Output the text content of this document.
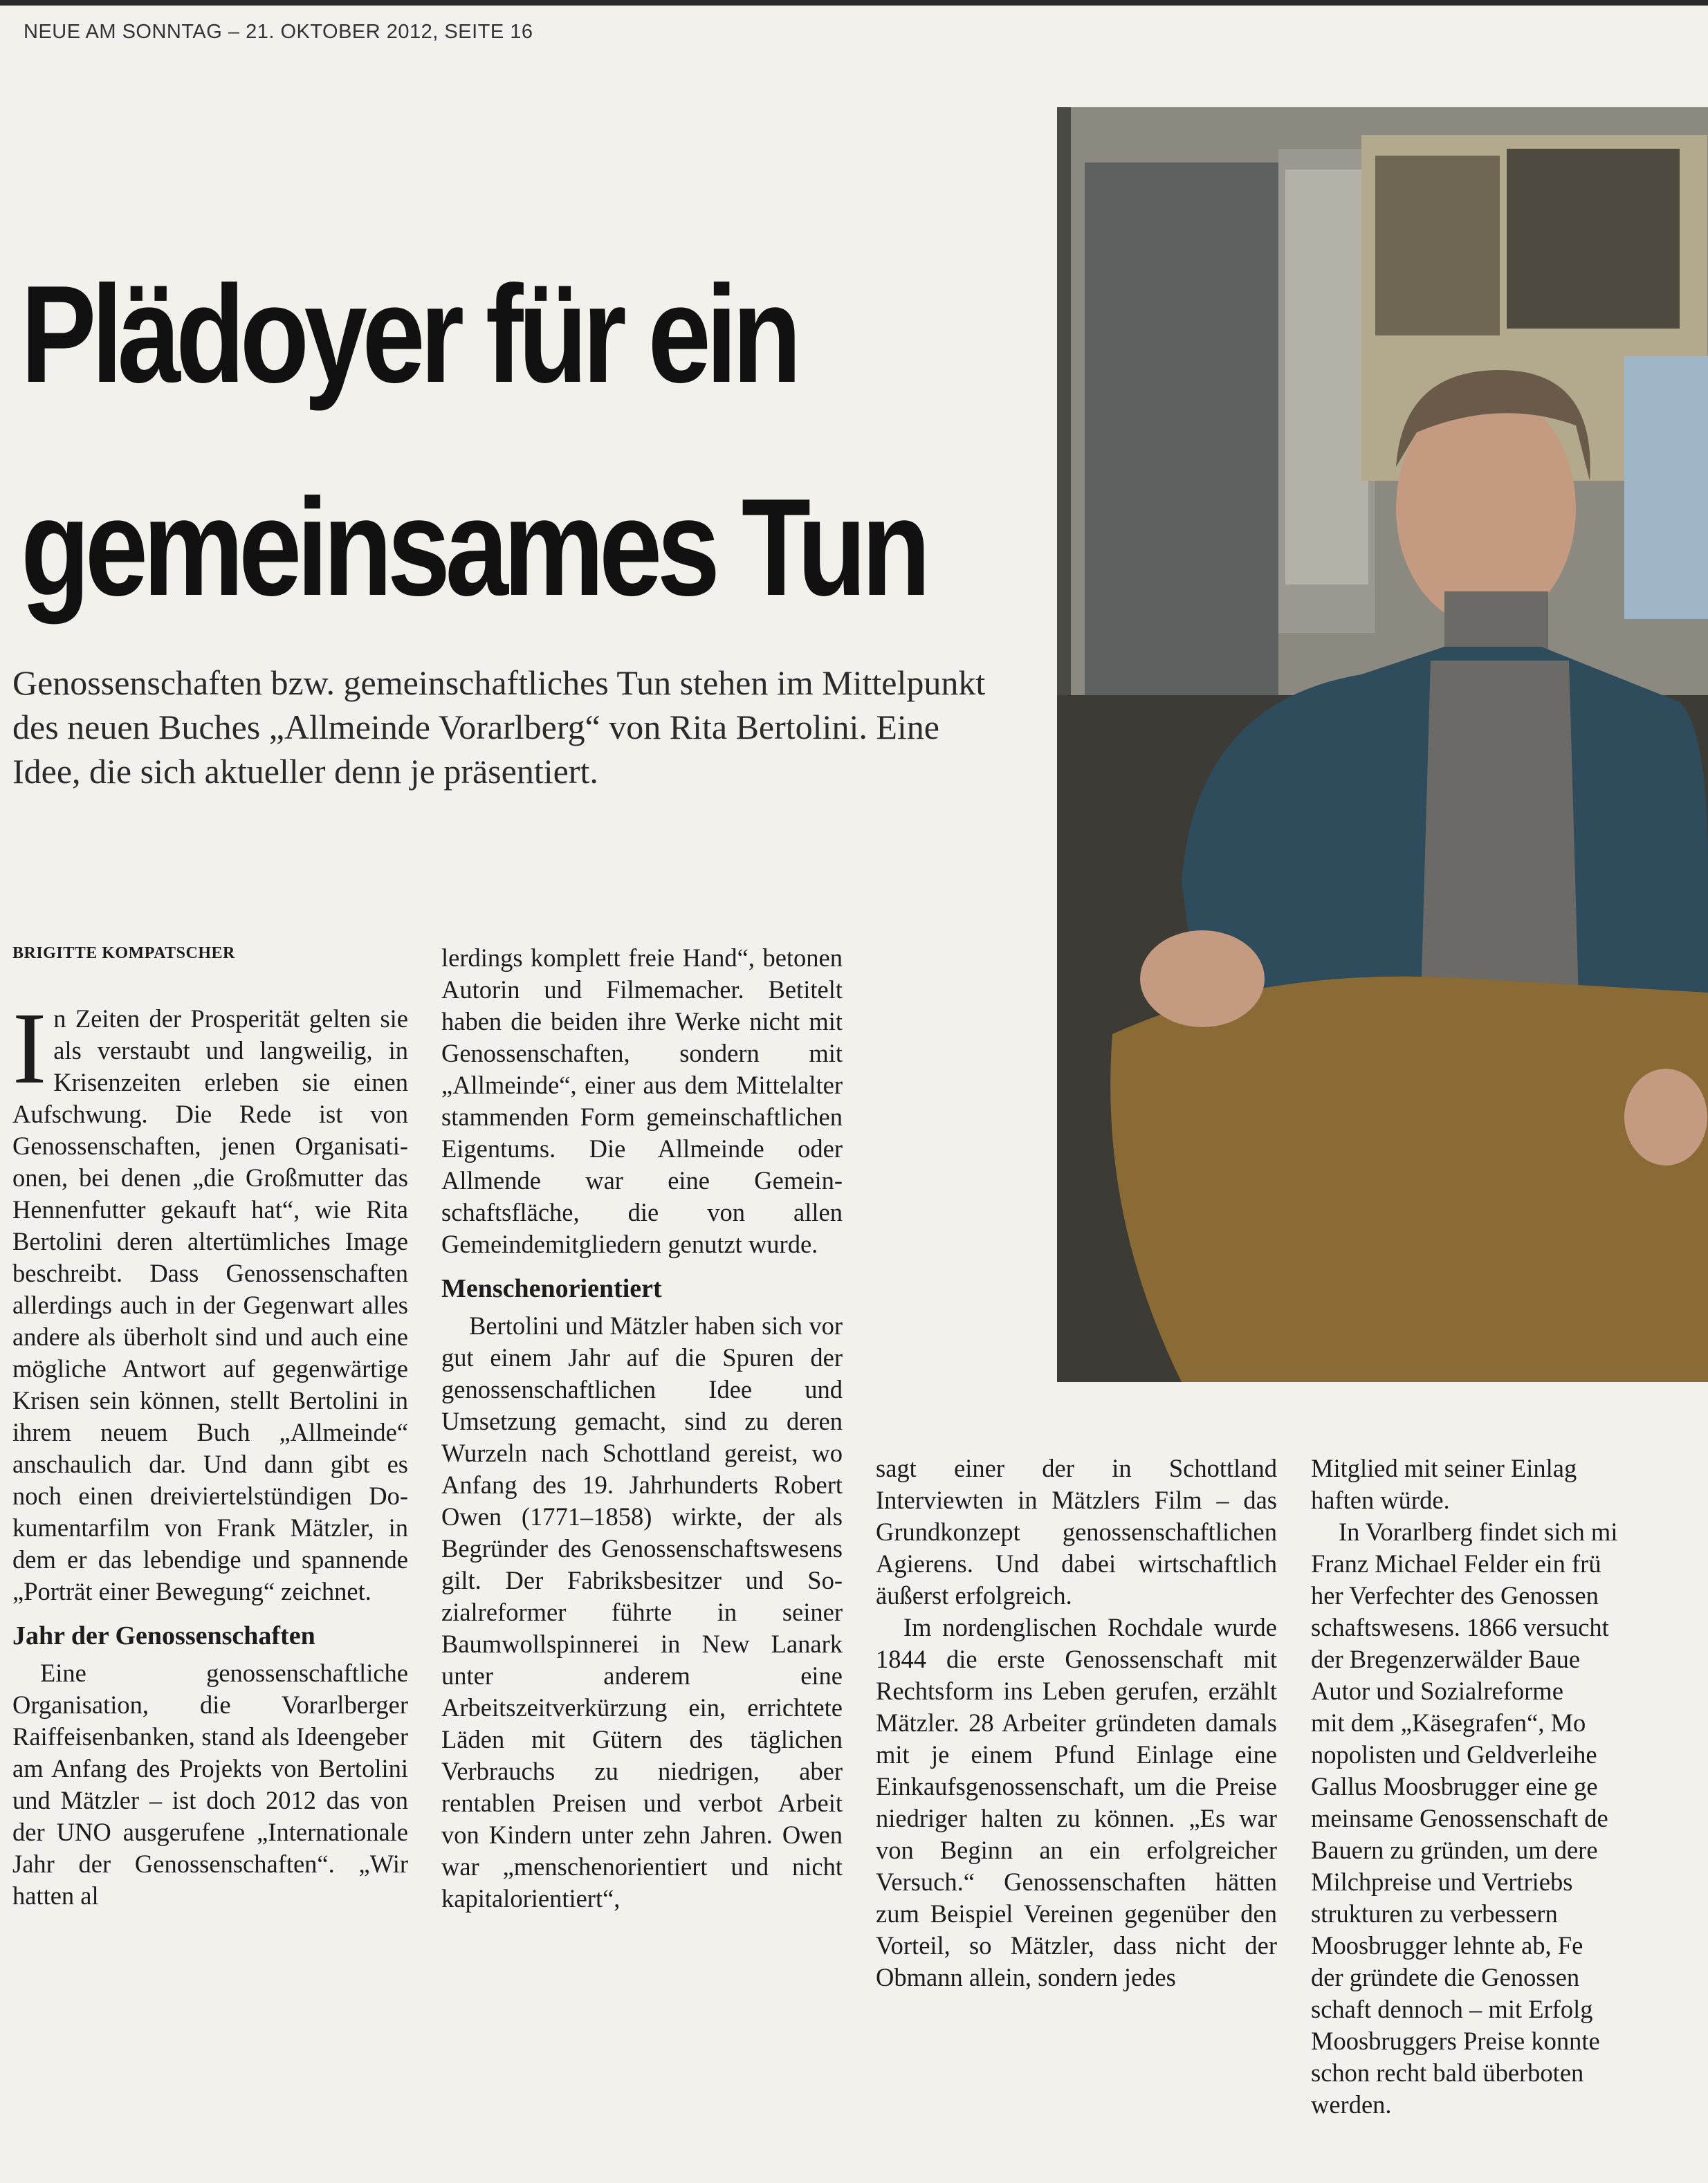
NEUE AM SONNTAG – 21. OKTOBER 2012, SEITE 16
Plädoyer für ein
gemeinsames Tun
Genossenschaften bzw. gemeinschaftliches Tun stehen im Mittelpunkt des neuen Buches „Allmeinde Vorarlberg“ von Rita Bertolini. Eine Idee, die sich aktueller denn je präsentiert.
BRIGITTE KOMPATSCHER
I n Zeiten der Prosperität gelten sie als verstaubt und langweilig, in Krisenzeiten erleben sie einen Aufschwung. Die Rede ist von Genossenschaften, jenen Organisationen, bei denen „die Großmutter das Hennenfutter gekauft hat“, wie Rita Bertolini deren altertümliches Image beschreibt. Dass Genossenschaften allerdings auch in der Gegenwart alles andere als überholt sind und auch eine mögliche Antwort auf gegenwärtige Krisen sein können, stellt Bertolini in ihrem neuem Buch „Allmeinde“ anschaulich dar. Und dann gibt es noch einen dreiviertelstündigen Dokumentarfilm von Frank Mätzler, in dem er das lebendige und spannende „Porträt einer Bewegung“ zeichnet.

Jahr der Genossenschaften

Eine genossenschaftliche Organisation, die Vorarlberger Raiffeisenbanken, stand als Ideengeber am Anfang des Projekts von Bertolini und Mätzler – ist doch 2012 das von der UNO ausgerufene „Internationale Jahr der Genossenschaften“. „Wir hatten al

lerdings komplett freie Hand“, betonen Autorin und Filmemacher. Betitelt haben die beiden ihre Werke nicht mit Genossenschaften, sondern mit „Allmeinde“, einer aus dem Mittelalter stammenden Form gemeinschaftlichen Eigentums. Die Allmeinde oder Allmende war eine Gemeinschaftsfläche, die von allen Gemeindemitgliedern genutzt wurde.

Menschenorientiert

Bertolini und Mätzler haben sich vor gut einem Jahr auf die Spuren der genossenschaftlichen Idee und Umsetzung gemacht, sind zu deren Wurzeln nach Schottland gereist, wo Anfang des 19. Jahrhunderts Robert Owen (1771–1858) wirkte, der als Begründer des Genossenschaftswesens gilt. Der Fabriksbesitzer und Sozialreformer führte in seiner Baumwollspinnerei in New Lanark unter anderem eine Arbeitszeitverkürzung ein, errichtete Läden mit Gütern des täglichen Verbrauchs zu niedrigen, aber rentablen Preisen und verbot Arbeit von Kindern unter zehn Jahren. Owen war „menschenorientiert und nicht kapitalorientiert“,

sagt einer der in Schottland Interviewten in Mätzlers Film – das Grundkonzept genossenschaftlichen Agierens. Und dabei wirtschaftlich äußerst erfolgreich.

Im nordenglischen Rochdale wurde 1844 die erste Genossenschaft mit Rechtsform ins Leben gerufen, erzählt Mätzler. 28 Arbeiter gründeten damals mit je einem Pfund Einlage eine Einkaufsgenossenschaft, um die Preise niedriger halten zu können. „Es war von Beginn an ein erfolgreicher Versuch.“ Genossenschaften hätten zum Beispiel Vereinen gegenüber den Vorteil, so Mätzler, dass nicht der Obmann allein, sondern jedes

Mitglied mit seiner Einlag
haften würde.
In Vorarlberg findet sich mi
Franz Michael Felder ein frü
her Verfechter des Genossen
schaftswesens. 1866 versucht
der Bregenzerwälder Baue
Autor und Sozialreforme
mit dem „Käsegrafen“, Mo
nopolisten und Geldverleihe
Gallus Moosbrugger eine ge
meinsame Genossenschaft de
Bauern zu gründen, um dere
Milchpreise und Vertriebs
strukturen zu verbessern
Moosbrugger lehnte ab, Fe
der gründete die Genossen
schaft dennoch – mit Erfolg
Moosbruggers Preise konnte
schon recht bald überboten
werden.
